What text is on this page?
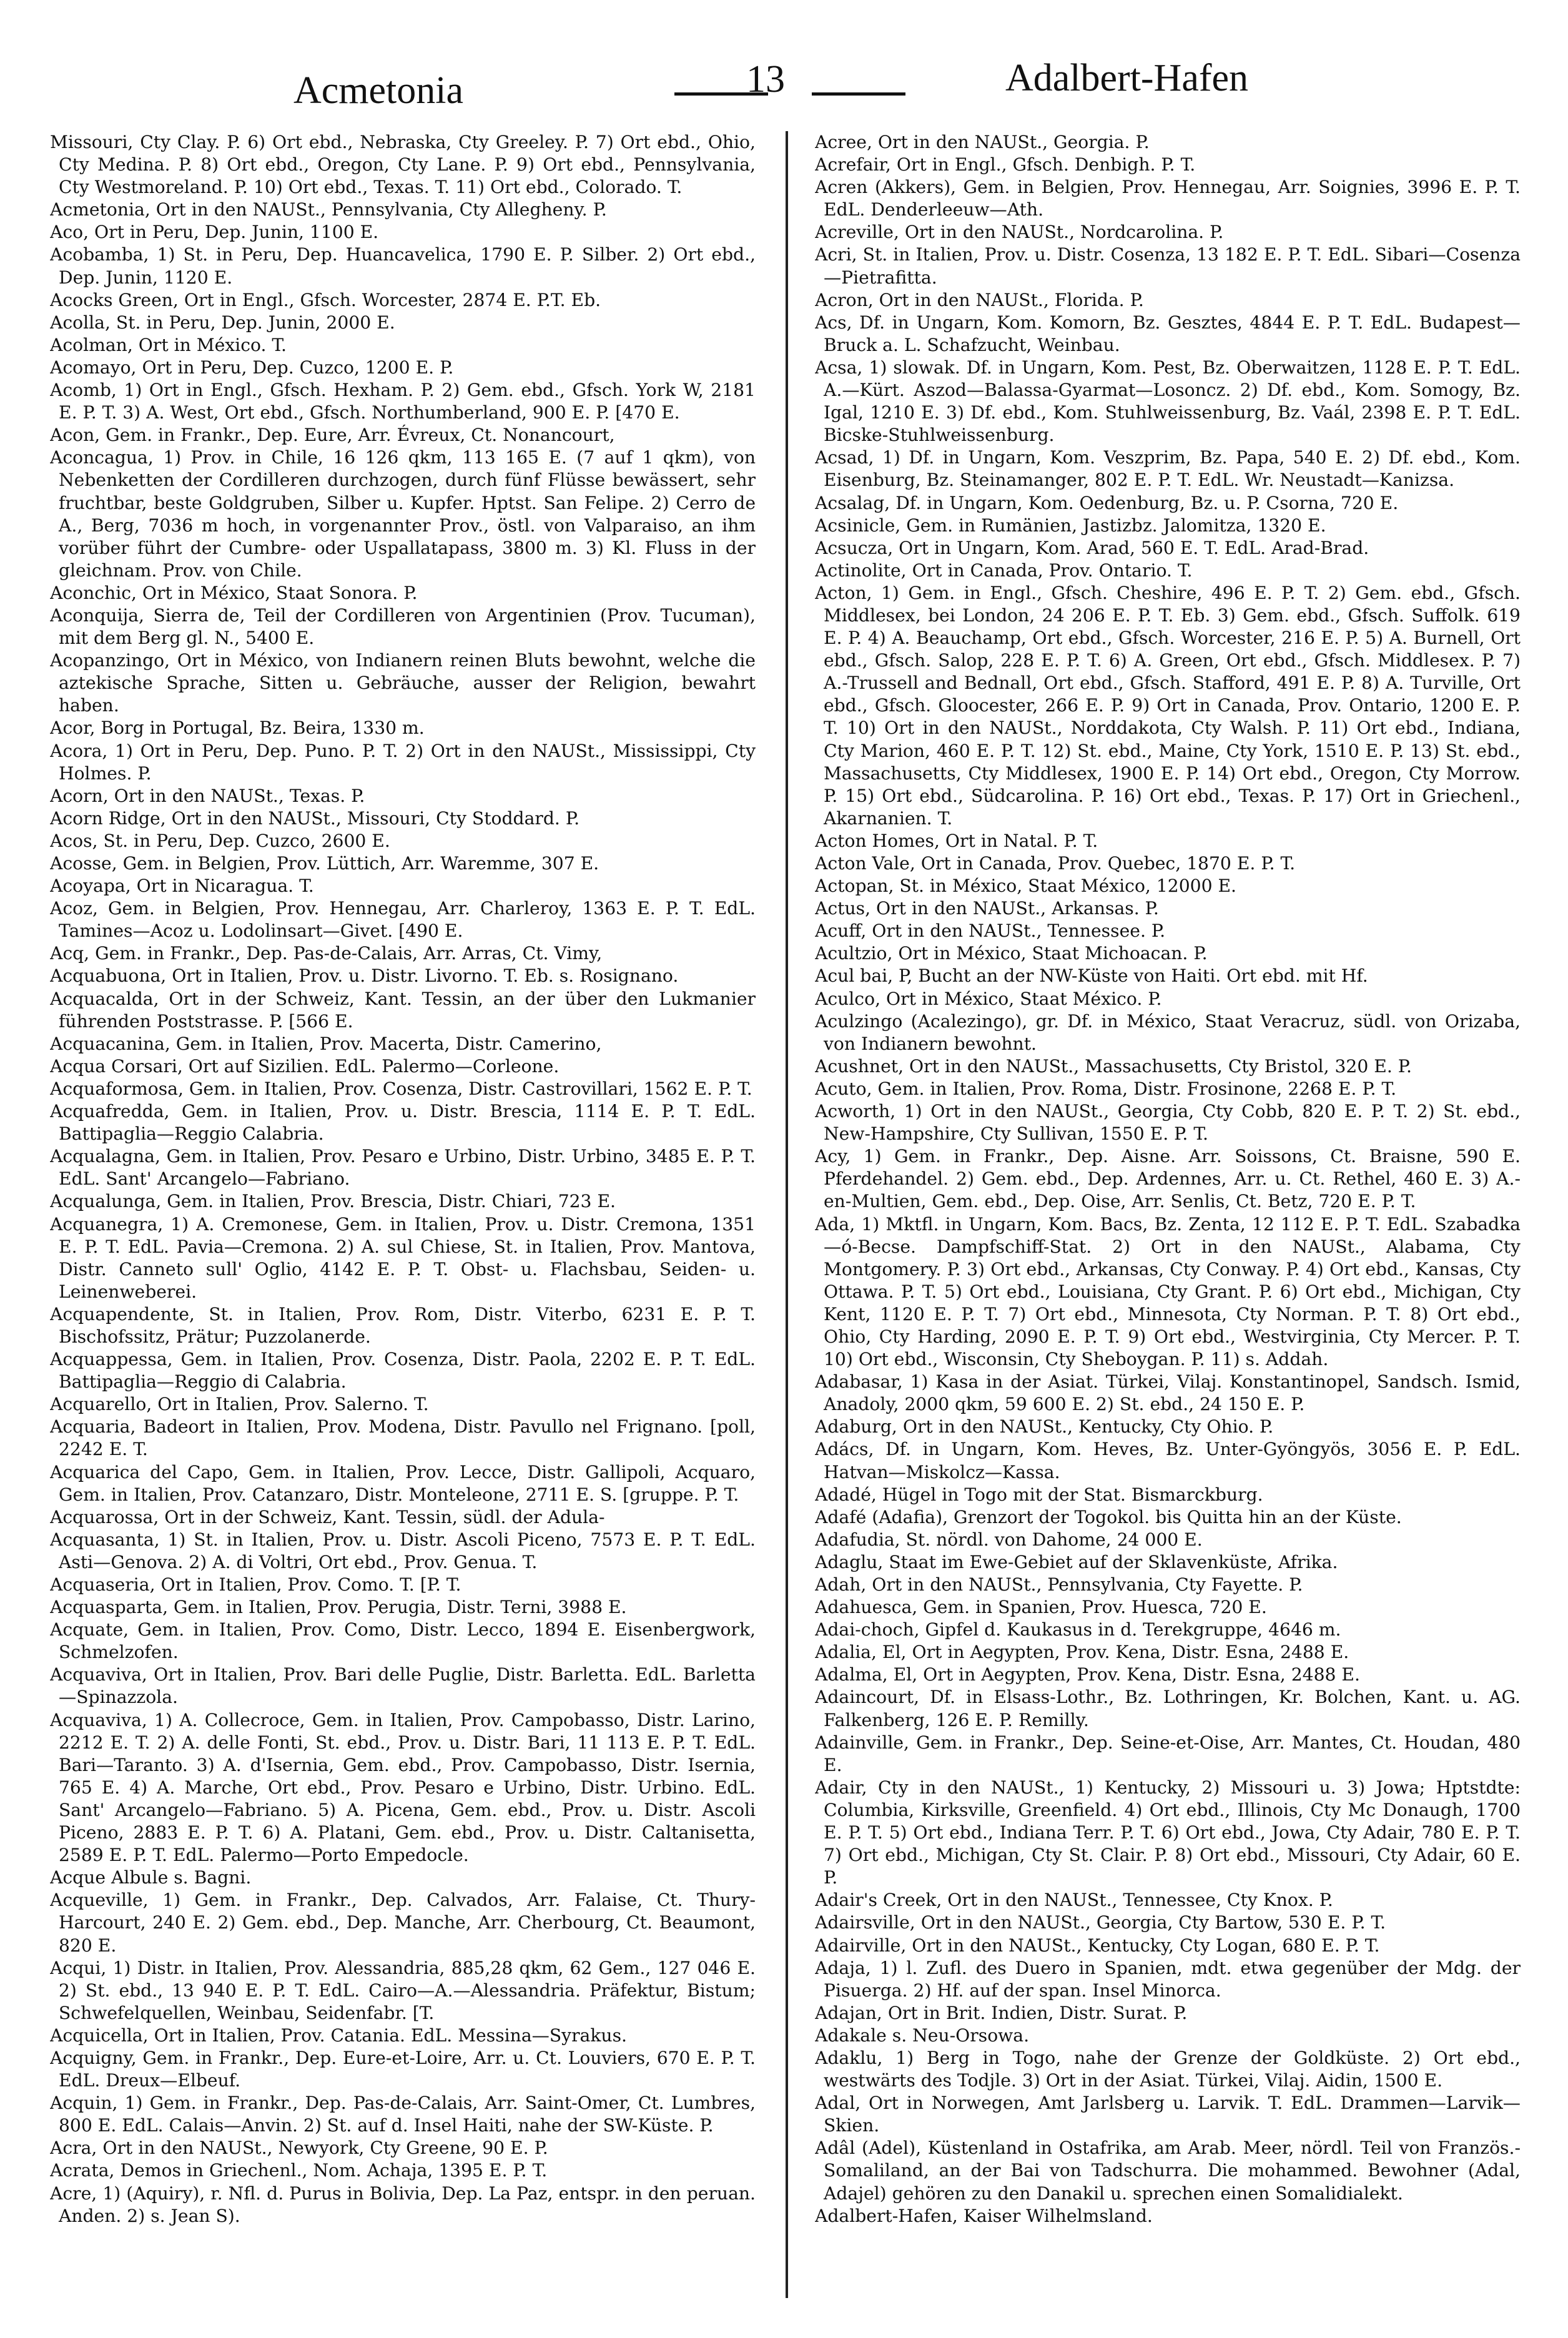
Acmetonia	13	Adalbert-Hafen

Missouri, Cty Clay. P. 6) Ort ebd., Nebraska, Cty Greeley. P. 7) Ort ebd., Ohio, Cty Medina. P. 8) Ort ebd., Oregon, Cty Lane. P. 9) Ort ebd., Pennsylvania, Cty Westmoreland. P. 10) Ort ebd., Texas. T. 11) Ort ebd., Colorado. T.

Acmetonia, Ort in den NAUSt., Pennsylvania, Cty Allegheny. P.

Aco, Ort in Peru, Dep. Junin, 1100 E.

Acobamba, 1) St. in Peru, Dep. Huancavelica, 1790 E. P. Silber. 2) Ort ebd., Dep. Junin, 1120 E.

Acocks Green, Ort in Engl., Gfsch. Worcester, 2874 E. P.T. Eb.

Acolla, St. in Peru, Dep. Junin, 2000 E.

Acolman, Ort in México. T.

Acomayo, Ort in Peru, Dep. Cuzco, 1200 E. P.

Acomb, 1) Ort in Engl., Gfsch. Hexham. P. 2) Gem. ebd., Gfsch. York W, 2181 E. P. T. 3) A. West, Ort ebd., Gfsch. Northumberland, 900 E. P. [470 E.

Acon, Gem. in Frankr., Dep. Eure, Arr. Évreux, Ct. Nonancourt,

Aconcagua, 1) Prov. in Chile, 16 126 qkm, 113 165 E. (7 auf 1 qkm), von Nebenketten der Cordilleren durchzogen, durch fünf Flüsse bewässert, sehr fruchtbar, beste Goldgruben, Silber u. Kupfer. Hptst. San Felipe. 2) Cerro de A., Berg, 7036 m hoch, in vorgenannter Prov., östl. von Valparaiso, an ihm vorüber führt der Cumbre- oder Uspallatapass, 3800 m. 3) Kl. Fluss in der gleichnam. Prov. von Chile.

Aconchic, Ort in México, Staat Sonora. P.

Aconquija, Sierra de, Teil der Cordilleren von Argentinien (Prov. Tucuman), mit dem Berg gl. N., 5400 E.

Acopanzingo, Ort in México, von Indianern reinen Bluts bewohnt, welche die aztekische Sprache, Sitten u. Gebräuche, ausser der Religion, bewahrt haben.

Acor, Borg in Portugal, Bz. Beira, 1330 m.

Acora, 1) Ort in Peru, Dep. Puno. P. T. 2) Ort in den NAUSt., Mississippi, Cty Holmes. P.

Acorn, Ort in den NAUSt., Texas. P.

Acorn Ridge, Ort in den NAUSt., Missouri, Cty Stoddard. P.

Acos, St. in Peru, Dep. Cuzco, 2600 E.

Acosse, Gem. in Belgien, Prov. Lüttich, Arr. Waremme, 307 E.

Acoyapa, Ort in Nicaragua. T.

Acoz, Gem. in Belgien, Prov. Hennegau, Arr. Charleroy, 1363 E. P. T. EdL. Tamines—Acoz u. Lodolinsart—Givet. [490 E.

Acq, Gem. in Frankr., Dep. Pas-de-Calais, Arr. Arras, Ct. Vimy,

Acquabuona, Ort in Italien, Prov. u. Distr. Livorno. T. Eb. s. Rosignano.

Acquacalda, Ort in der Schweiz, Kant. Tessin, an der über den Lukmanier führenden Poststrasse. P. [566 E.

Acquacanina, Gem. in Italien, Prov. Macerta, Distr. Camerino,

Acqua Corsari, Ort auf Sizilien. EdL. Palermo—Corleone.

Acquaformosa, Gem. in Italien, Prov. Cosenza, Distr. Castrovillari, 1562 E. P. T.

Acquafredda, Gem. in Italien, Prov. u. Distr. Brescia, 1114 E. P. T. EdL. Battipaglia—Reggio Calabria.

Acqualagna, Gem. in Italien, Prov. Pesaro e Urbino, Distr. Urbino, 3485 E. P. T. EdL. Sant' Arcangelo—Fabriano.

Acqualunga, Gem. in Italien, Prov. Brescia, Distr. Chiari, 723 E.

Acquanegra, 1) A. Cremonese, Gem. in Italien, Prov. u. Distr. Cremona, 1351 E. P. T. EdL. Pavia—Cremona. 2) A. sul Chiese, St. in Italien, Prov. Mantova, Distr. Canneto sull' Oglio, 4142 E. P. T. Obst- u. Flachsbau, Seiden- u. Leinenweberei.

Acquapendente, St. in Italien, Prov. Rom, Distr. Viterbo, 6231 E. P. T. Bischofssitz, Prätur; Puzzolanerde.

Acquappessa, Gem. in Italien, Prov. Cosenza, Distr. Paola, 2202 E. P. T. EdL. Battipaglia—Reggio di Calabria.

Acquarello, Ort in Italien, Prov. Salerno. T.

Acquaria, Badeort in Italien, Prov. Modena, Distr. Pavullo nel Frignano. [poll, 2242 E. T.

Acquarica del Capo, Gem. in Italien, Prov. Lecce, Distr. Gallipoli, Acquaro, Gem. in Italien, Prov. Catanzaro, Distr. Monteleone, 2711 E. S. [gruppe. P. T.

Acquarossa, Ort in der Schweiz, Kant. Tessin, südl. der Adula-

Acquasanta, 1) St. in Italien, Prov. u. Distr. Ascoli Piceno, 7573 E. P. T. EdL. Asti—Genova. 2) A. di Voltri, Ort ebd., Prov. Genua. T.

Acquaseria, Ort in Italien, Prov. Como. T. [P. T.

Acquasparta, Gem. in Italien, Prov. Perugia, Distr. Terni, 3988 E.

Acquate, Gem. in Italien, Prov. Como, Distr. Lecco, 1894 E. Eisenbergwork, Schmelzofen.

Acquaviva, Ort in Italien, Prov. Bari delle Puglie, Distr. Barletta. EdL. Barletta—Spinazzola.

Acquaviva, 1) A. Collecroce, Gem. in Italien, Prov. Campobasso, Distr. Larino, 2212 E. T. 2) A. delle Fonti, St. ebd., Prov. u. Distr. Bari, 11 113 E. P. T. EdL. Bari—Taranto. 3) A. d'Isernia, Gem. ebd., Prov. Campobasso, Distr. Isernia, 765 E. 4) A. Marche, Ort ebd., Prov. Pesaro e Urbino, Distr. Urbino. EdL. Sant' Arcangelo—Fabriano. 5) A. Picena, Gem. ebd., Prov. u. Distr. Ascoli Piceno, 2883 E. P. T. 6) A. Platani, Gem. ebd., Prov. u. Distr. Caltanisetta, 2589 E. P. T. EdL. Palermo—Porto Empedocle.

Acque Albule s. Bagni.

Acqueville, 1) Gem. in Frankr., Dep. Calvados, Arr. Falaise, Ct. Thury-Harcourt, 240 E. 2) Gem. ebd., Dep. Manche, Arr. Cherbourg, Ct. Beaumont, 820 E.

Acqui, 1) Distr. in Italien, Prov. Alessandria, 885,28 qkm, 62 Gem., 127 046 E. 2) St. ebd., 13 940 E. P. T. EdL. Cairo—A.—Alessandria. Präfektur, Bistum; Schwefelquellen, Weinbau, Seidenfabr. [T.

Acquicella, Ort in Italien, Prov. Catania. EdL. Messina—Syrakus.

Acquigny, Gem. in Frankr., Dep. Eure-et-Loire, Arr. u. Ct. Louviers, 670 E. P. T. EdL. Dreux—Elbeuf.

Acquin, 1) Gem. in Frankr., Dep. Pas-de-Calais, Arr. Saint-Omer, Ct. Lumbres, 800 E. EdL. Calais—Anvin. 2) St. auf d. Insel Haiti, nahe der SW-Küste. P.

Acra, Ort in den NAUSt., Newyork, Cty Greene, 90 E. P.

Acrata, Demos in Griechenl., Nom. Achaja, 1395 E. P. T.

Acre, 1) (Aquiry), r. Nfl. d. Purus in Bolivia, Dep. La Paz, entspr. in den peruan. Anden. 2) s. Jean S).

Acree, Ort in den NAUSt., Georgia. P.

Acrefair, Ort in Engl., Gfsch. Denbigh. P. T.

Acren (Akkers), Gem. in Belgien, Prov. Hennegau, Arr. Soignies, 3996 E. P. T. EdL. Denderleeuw—Ath.

Acreville, Ort in den NAUSt., Nordcarolina. P.

Acri, St. in Italien, Prov. u. Distr. Cosenza, 13 182 E. P. T. EdL. Sibari—Cosenza—Pietrafitta.

Acron, Ort in den NAUSt., Florida. P.

Acs, Df. in Ungarn, Kom. Komorn, Bz. Gesztes, 4844 E. P. T. EdL. Budapest—Bruck a. L. Schafzucht, Weinbau.

Acsa, 1) slowak. Df. in Ungarn, Kom. Pest, Bz. Oberwaitzen, 1128 E. P. T. EdL. A.—Kürt. Aszod—Balassa-Gyarmat—Losoncz. 2) Df. ebd., Kom. Somogy, Bz. Igal, 1210 E. 3) Df. ebd., Kom. Stuhlweissenburg, Bz. Vaál, 2398 E. P. T. EdL. Bicske-Stuhlweissenburg.

Acsad, 1) Df. in Ungarn, Kom. Veszprim, Bz. Papa, 540 E. 2) Df. ebd., Kom. Eisenburg, Bz. Steinamanger, 802 E. P. T. EdL. Wr. Neustadt—Kanizsa.

Acsalag, Df. in Ungarn, Kom. Oedenburg, Bz. u. P. Csorna, 720 E.

Acsinicle, Gem. in Rumänien, Jastizbz. Jalomitza, 1320 E.

Acsucza, Ort in Ungarn, Kom. Arad, 560 E. T. EdL. Arad-Brad.

Actinolite, Ort in Canada, Prov. Ontario. T.

Acton, 1) Gem. in Engl., Gfsch. Cheshire, 496 E. P. T. 2) Gem. ebd., Gfsch. Middlesex, bei London, 24 206 E. P. T. Eb. 3) Gem. ebd., Gfsch. Suffolk. 619 E. P. 4) A. Beauchamp, Ort ebd., Gfsch. Worcester, 216 E. P. 5) A. Burnell, Ort ebd., Gfsch. Salop, 228 E. P. T. 6) A. Green, Ort ebd., Gfsch. Middlesex. P. 7) A.-Trussell and Bednall, Ort ebd., Gfsch. Stafford, 491 E. P. 8) A. Turville, Ort ebd., Gfsch. Gloocester, 266 E. P. 9) Ort in Canada, Prov. Ontario, 1200 E. P. T. 10) Ort in den NAUSt., Norddakota, Cty Walsh. P. 11) Ort ebd., Indiana, Cty Marion, 460 E. P. T. 12) St. ebd., Maine, Cty York, 1510 E. P. 13) St. ebd., Massachusetts, Cty Middlesex, 1900 E. P. 14) Ort ebd., Oregon, Cty Morrow. P. 15) Ort ebd., Südcarolina. P. 16) Ort ebd., Texas. P. 17) Ort in Griechenl., Akarnanien. T.

Acton Homes, Ort in Natal. P. T.

Acton Vale, Ort in Canada, Prov. Quebec, 1870 E. P. T.

Actopan, St. in México, Staat México, 12000 E.

Actus, Ort in den NAUSt., Arkansas. P.

Acuff, Ort in den NAUSt., Tennessee. P.

Acultzio, Ort in México, Staat Michoacan. P.

Acul bai, P, Bucht an der NW-Küste von Haiti. Ort ebd. mit Hf.

Aculco, Ort in México, Staat México. P.

Aculzingo (Acalezingo), gr. Df. in México, Staat Veracruz, südl. von Orizaba, von Indianern bewohnt.

Acushnet, Ort in den NAUSt., Massachusetts, Cty Bristol, 320 E. P.

Acuto, Gem. in Italien, Prov. Roma, Distr. Frosinone, 2268 E. P. T.

Acworth, 1) Ort in den NAUSt., Georgia, Cty Cobb, 820 E. P. T. 2) St. ebd., New-Hampshire, Cty Sullivan, 1550 E. P. T.

Acy, 1) Gem. in Frankr., Dep. Aisne. Arr. Soissons, Ct. Braisne, 590 E. Pferdehandel. 2) Gem. ebd., Dep. Ardennes, Arr. u. Ct. Rethel, 460 E. 3) A.-en-Multien, Gem. ebd., Dep. Oise, Arr. Senlis, Ct. Betz, 720 E. P. T.

Ada, 1) Mktfl. in Ungarn, Kom. Bacs, Bz. Zenta, 12 112 E. P. T. EdL. Szabadka—ó-Becse. Dampfschiff-Stat. 2) Ort in den NAUSt., Alabama, Cty Montgomery. P. 3) Ort ebd., Arkansas, Cty Conway. P. 4) Ort ebd., Kansas, Cty Ottawa. P. T. 5) Ort ebd., Louisiana, Cty Grant. P. 6) Ort ebd., Michigan, Cty Kent, 1120 E. P. T. 7) Ort ebd., Minnesota, Cty Norman. P. T. 8) Ort ebd., Ohio, Cty Harding, 2090 E. P. T. 9) Ort ebd., Westvirginia, Cty Mercer. P. T. 10) Ort ebd., Wisconsin, Cty Sheboygan. P. 11) s. Addah.

Adabasar, 1) Kasa in der Asiat. Türkei, Vilaj. Konstantinopel, Sandsch. Ismid, Anadoly, 2000 qkm, 59 600 E. 2) St. ebd., 24 150 E. P.

Adaburg, Ort in den NAUSt., Kentucky, Cty Ohio. P.

Adács, Df. in Ungarn, Kom. Heves, Bz. Unter-Gyöngyös, 3056 E. P. EdL. Hatvan—Miskolcz—Kassa.

Adadé, Hügel in Togo mit der Stat. Bismarckburg.

Adafé (Adafia), Grenzort der Togokol. bis Quitta hin an der Küste.

Adafudia, St. nördl. von Dahome, 24 000 E.

Adaglu, Staat im Ewe-Gebiet auf der Sklavenküste, Afrika.

Adah, Ort in den NAUSt., Pennsylvania, Cty Fayette. P.

Adahuesca, Gem. in Spanien, Prov. Huesca, 720 E.

Adai-choch, Gipfel d. Kaukasus in d. Terekgruppe, 4646 m.

Adalia, El, Ort in Aegypten, Prov. Kena, Distr. Esna, 2488 E.

Adalma, El, Ort in Aegypten, Prov. Kena, Distr. Esna, 2488 E.

Adaincourt, Df. in Elsass-Lothr., Bz. Lothringen, Kr. Bolchen, Kant. u. AG. Falkenberg, 126 E. P. Remilly.

Adainville, Gem. in Frankr., Dep. Seine-et-Oise, Arr. Mantes, Ct. Houdan, 480 E.

Adair, Cty in den NAUSt., 1) Kentucky, 2) Missouri u. 3) Jowa; Hptstdte: Columbia, Kirksville, Greenfield. 4) Ort ebd., Illinois, Cty Mc Donaugh, 1700 E. P. T. 5) Ort ebd., Indiana Terr. P. T. 6) Ort ebd., Jowa, Cty Adair, 780 E. P. T. 7) Ort ebd., Michigan, Cty St. Clair. P. 8) Ort ebd., Missouri, Cty Adair, 60 E. P.

Adair's Creek, Ort in den NAUSt., Tennessee, Cty Knox. P.

Adairsville, Ort in den NAUSt., Georgia, Cty Bartow, 530 E. P. T.

Adairville, Ort in den NAUSt., Kentucky, Cty Logan, 680 E. P. T.

Adaja, 1) l. Zufl. des Duero in Spanien, mdt. etwa gegenüber der Mdg. der Pisuerga. 2) Hf. auf der span. Insel Minorca.

Adajan, Ort in Brit. Indien, Distr. Surat. P.

Adakale s. Neu-Orsowa.

Adaklu, 1) Berg in Togo, nahe der Grenze der Goldküste. 2) Ort ebd., westwärts des Todjle. 3) Ort in der Asiat. Türkei, Vilaj. Aidin, 1500 E.

Adal, Ort in Norwegen, Amt Jarlsberg u. Larvik. T. EdL. Drammen—Larvik—Skien.

Adâl (Adel), Küstenland in Ostafrika, am Arab. Meer, nördl. Teil von Französ.-Somaliland, an der Bai von Tadschurra. Die mohammed. Bewohner (Adal, Adajel) gehören zu den Danakil u. sprechen einen Somalidialekt.

Adalbert-Hafen, Kaiser Wilhelmsland.
